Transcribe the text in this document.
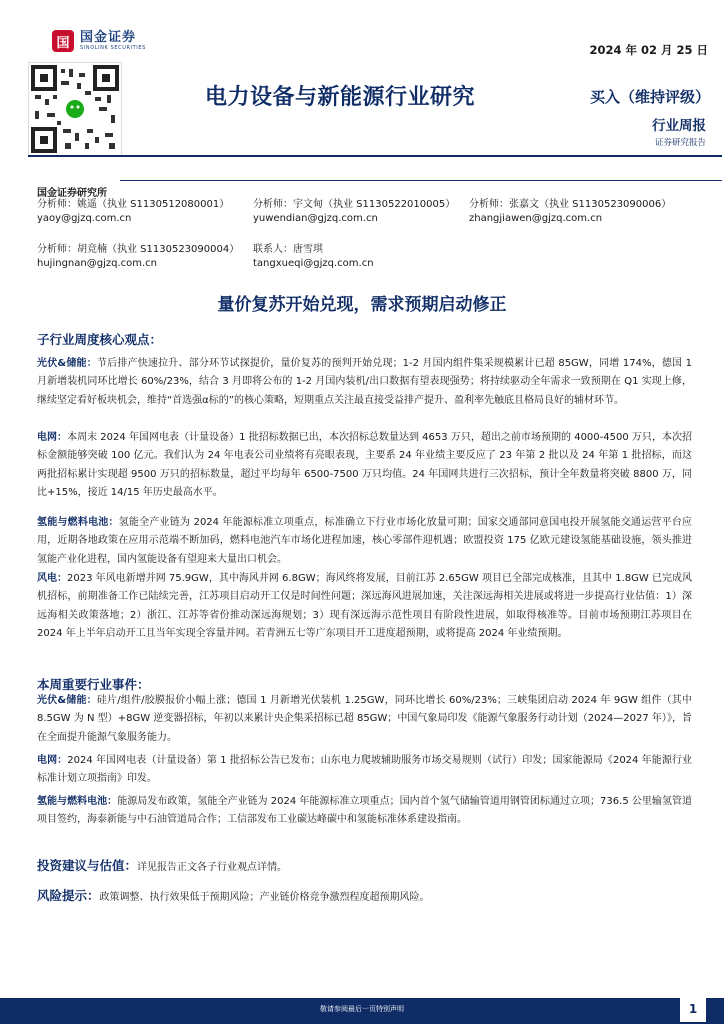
国 国金证券
SINOLINK SECURITIES	2024 年 02 月 25 日
电力设备与新能源行业研究	买入（维持评级）
行业周报
证券研究报告
国金证券研究所
分析师：姚遥（执业 S1130512080001）
yaoy@gjzq.com.cn
分析师：宇文甸（执业 S1130522010005）
yuwendian@gjzq.com.cn
分析师：张嘉文（执业 S1130523090006）
zhangjiawen@gjzq.com.cn
分析师：胡竞楠（执业 S1130523090004）
hujingnan@gjzq.com.cn
联系人：唐雪琪
tangxueqi@gjzq.com.cn
量价复苏开始兑现，需求预期启动修正
子行业周度核心观点：
光伏&储能：节后排产快速拉升、部分环节试探提价，量价复苏的预判开始兑现；1-2 月国内组件集采规模累计已超 85GW，同增 174%，德国 1 月新增装机同环比增长 60%/23%，结合 3 月即将公布的 1-2 月国内装机/出口数据有望表现强势；将持续驱动全年需求一致预期在 Q1 实现上修，继续坚定看好板块机会，维持“首选强α标的”的核心策略，短期重点关注最直接受益排产提升、盈利率先触底且格局良好的辅材环节。
电网：本周末 2024 年国网电表（计量设备）1 批招标数据已出，本次招标总数量达到 4653 万只，超出之前市场预期的 4000-4500 万只，本次招标金额能够突破 100 亿元。我们认为 24 年电表公司业绩将有亮眼表现，主要系 24 年业绩主要反应了 23 年第 2 批以及 24 年第 1 批招标，而这两批招标累计实现超 9500 万只的招标数量，超过平均每年 6500-7500 万只均值。24 年国网共进行三次招标，预计全年数量将突破 8800 万，同比+15%，接近 14/15 年历史最高水平。
氢能与燃料电池：氢能全产业链为 2024 年能源标准立项重点，标准确立下行业市场化放量可期；国家交通部同意国电投开展氢能交通运营平台应用，近期各地政策在应用示范端不断加码，燃料电池汽车市场化进程加速，核心零部件迎机遇；欧盟投资 175 亿欧元建设氢能基础设施，领头推进氢能产业化进程，国内氢能设备有望迎来大量出口机会。
风电：2023 年风电新增并网 75.9GW，其中海风并网 6.8GW；海风终将发展，目前江苏 2.65GW 项目已全部完成核准，且其中 1.8GW 已完成风机招标，前期准备工作已陆续完善，江苏项目启动开工仅是时间性问题；深远海风进展加速，关注深远海相关进展或将进一步提高行业估值：1）深远海相关政策落地；2）浙江、江苏等省份推动深远海规划；3）现有深远海示范性项目有阶段性进展，如取得核准等。目前市场预期江苏项目在 2024 年上半年启动开工且当年实现全容量并网。若青洲五七等广东项目开工进度超预期，或将提高 2024 年业绩预期。
本周重要行业事件：
光伏&储能：硅片/组件/胶膜报价小幅上涨；德国 1 月新增光伏装机 1.25GW，同环比增长 60%/23%；三峡集团启动 2024 年 9GW 组件（其中 8.5GW 为 N 型）+8GW 逆变器招标，年初以来累计央企集采招标已超 85GW；中国气象局印发《能源气象服务行动计划（2024—2027 年）》，旨在全面提升能源气象服务能力。
电网：2024 年国网电表（计量设备）第 1 批招标公告已发布；山东电力爬坡辅助服务市场交易规则（试行）印发；国家能源局《2024 年能源行业标准计划立项指南》印发。
氢能与燃料电池：能源局发布政策，氢能全产业链为 2024 年能源标准立项重点；国内首个氢气储输管道用钢管团标通过立项；736.5 公里输氢管道项目签约，海泰新能与中石油管道局合作；工信部发布工业碳达峰碳中和氢能标准体系建设指南。
投资建议与估值：详见报告正文各子行业观点详情。
风险提示：政策调整、执行效果低于预期风险；产业链价格竞争激烈程度超预期风险。
敬请参阅最后一页特别声明	1
